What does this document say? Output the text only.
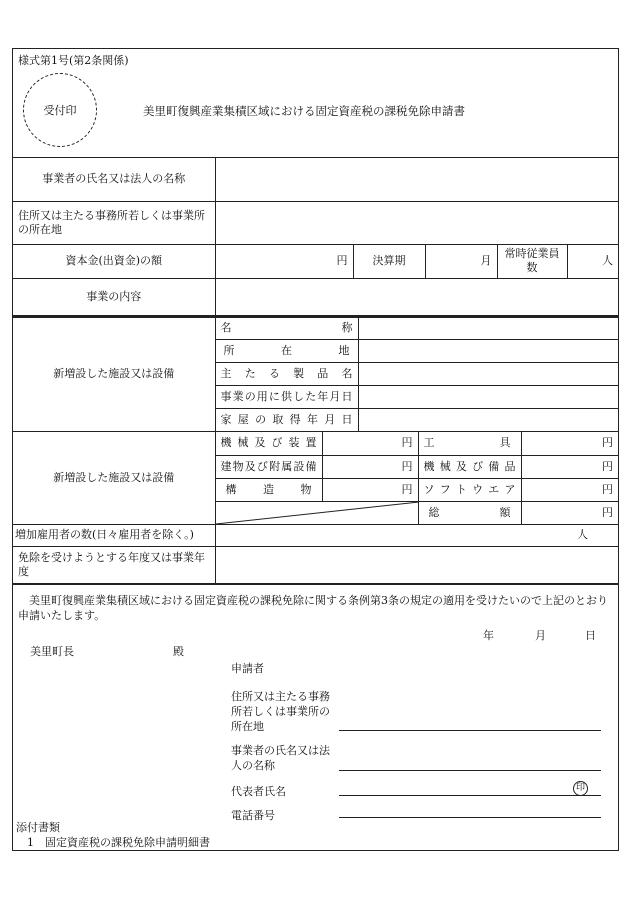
様式第1号(第2条関係)
受付印	美里町復興産業集積区域における固定資産税の課税免除申請書
事業者の氏名又は法人の名称					
住所又は主たる事務所若しくは事業所の所在地					
資本金(出資金)の額	円	決算期	月	常時従業員数	人
事業の内容					
新増設した施設又は設備	名称	
	所在地	
	主たる製品名	
	事業の用に供した年月日	
	家屋の取得年月日	
新増設した施設又は設備	機械及び装置	円	工具	円
	建物及び附属設備	円	機械及び備品	円
	構造物	円	ソフトウエア	円

	総額	円
増加雇用者の数(日々雇用者を除く。)	人
免除を受けようとする年度又は事業年度	
美里町復興産業集積区域における固定資産税の課税免除に関する条例第3条の規定の適用を受けたいので上記のとおり申請いたします。
年	月	日
美里町長	殿
申請者
住所又は主たる事務所若しくは事業所の所在地
事業者の氏名又は法人の名称
代表者氏名	印
電話番号
添付書類
1　固定資産税の課税免除申請明細書
